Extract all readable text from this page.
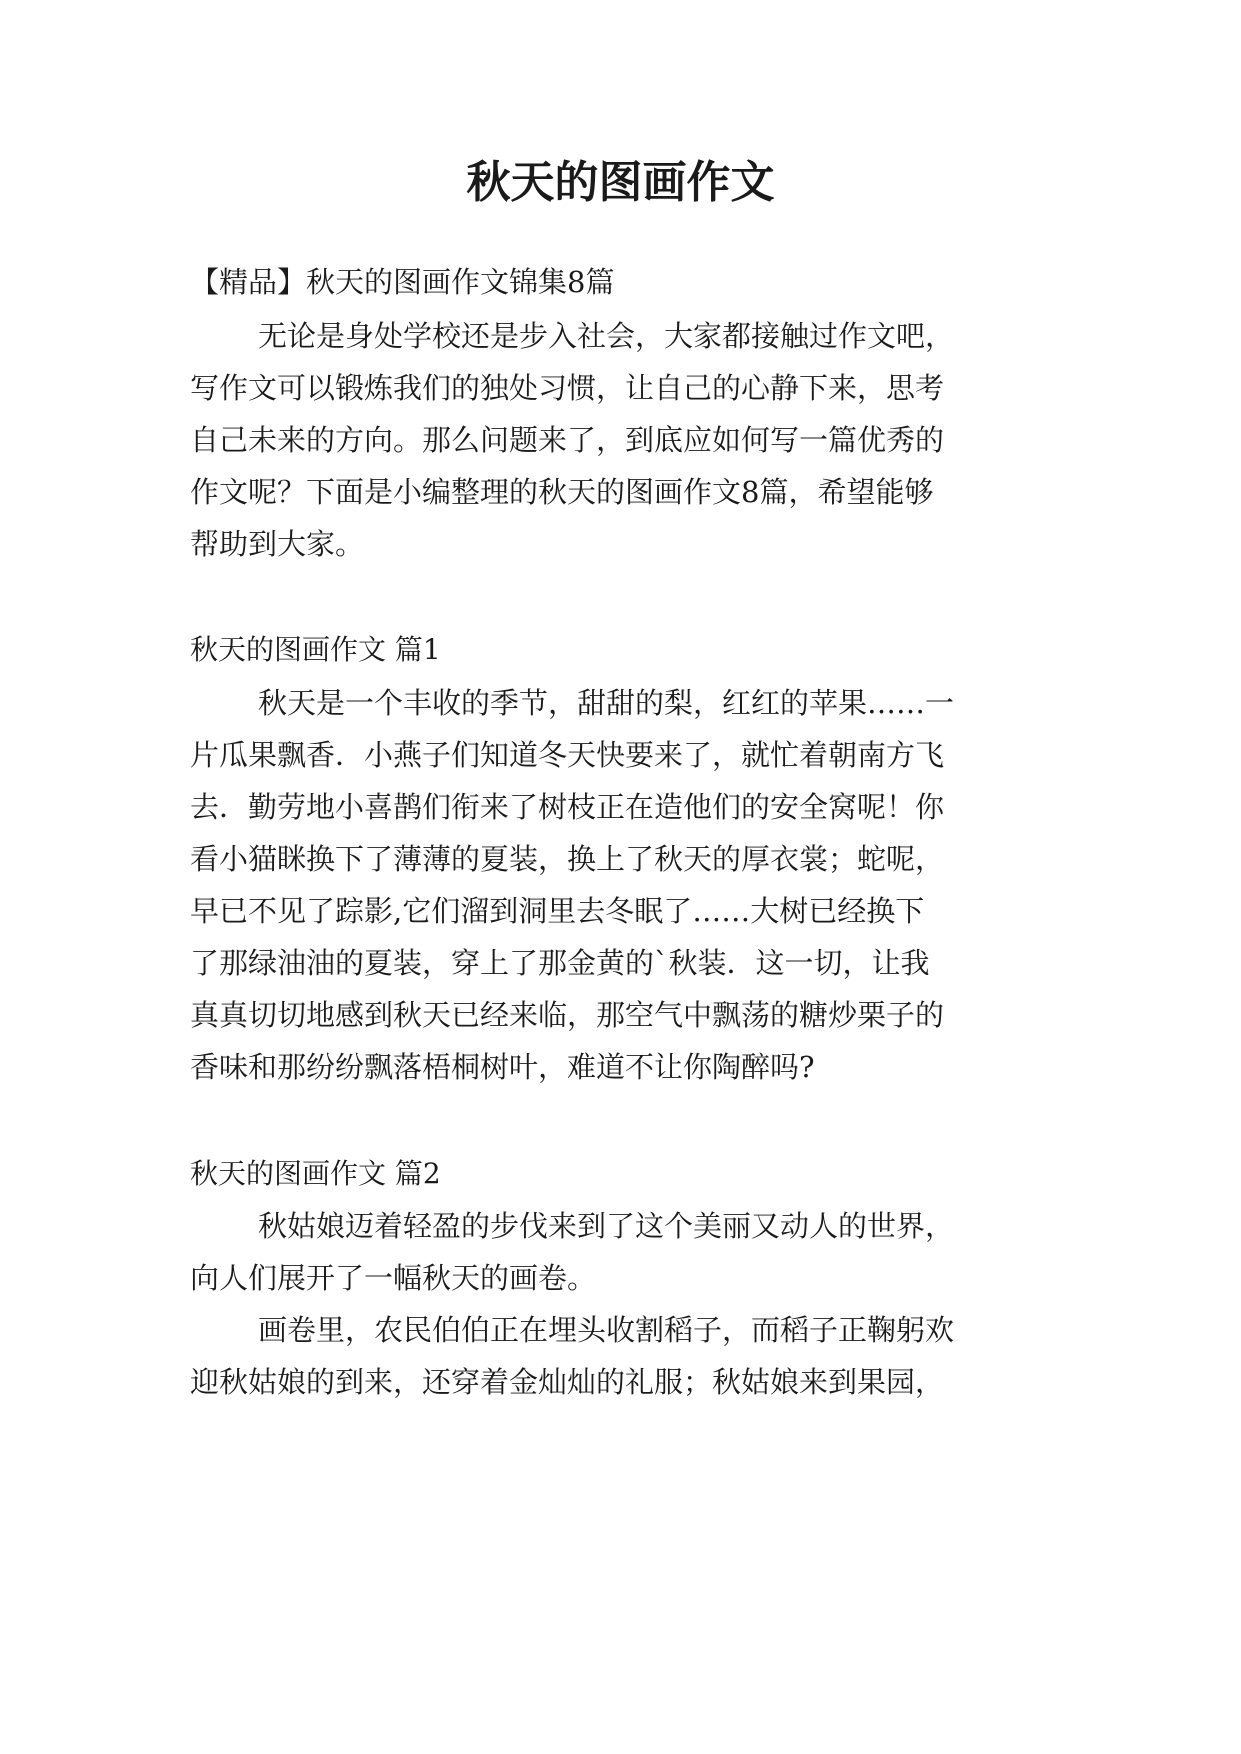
秋天的图画作文
【精品】秋天的图画作文锦集8篇
无论是身处学校还是步入社会，大家都接触过作文吧，
写作文可以锻炼我们的独处习惯，让自己的心静下来，思考
自己未来的方向。那么问题来了，到底应如何写一篇优秀的
作文呢？下面是小编整理的秋天的图画作文8篇，希望能够
帮助到大家。
秋天的图画作文 篇1
秋天是一个丰收的季节，甜甜的梨，红红的苹果……一
片瓜果飘香．小燕子们知道冬天快要来了，就忙着朝南方飞
去．勤劳地小喜鹊们衔来了树枝正在造他们的安全窝呢！你
看小猫眯换下了薄薄的夏装，换上了秋天的厚衣裳；蛇呢，
早已不见了踪影,它们溜到洞里去冬眠了……大树已经换下
了那绿油油的夏装，穿上了那金黄的`秋装．这一切，让我
真真切切地感到秋天已经来临，那空气中飘荡的糖炒栗子的
香味和那纷纷飘落梧桐树叶，难道不让你陶醉吗?
秋天的图画作文 篇2
秋姑娘迈着轻盈的步伐来到了这个美丽又动人的世界，
向人们展开了一幅秋天的画卷。
画卷里，农民伯伯正在埋头收割稻子，而稻子正鞠躬欢
迎秋姑娘的到来，还穿着金灿灿的礼服；秋姑娘来到果园，
